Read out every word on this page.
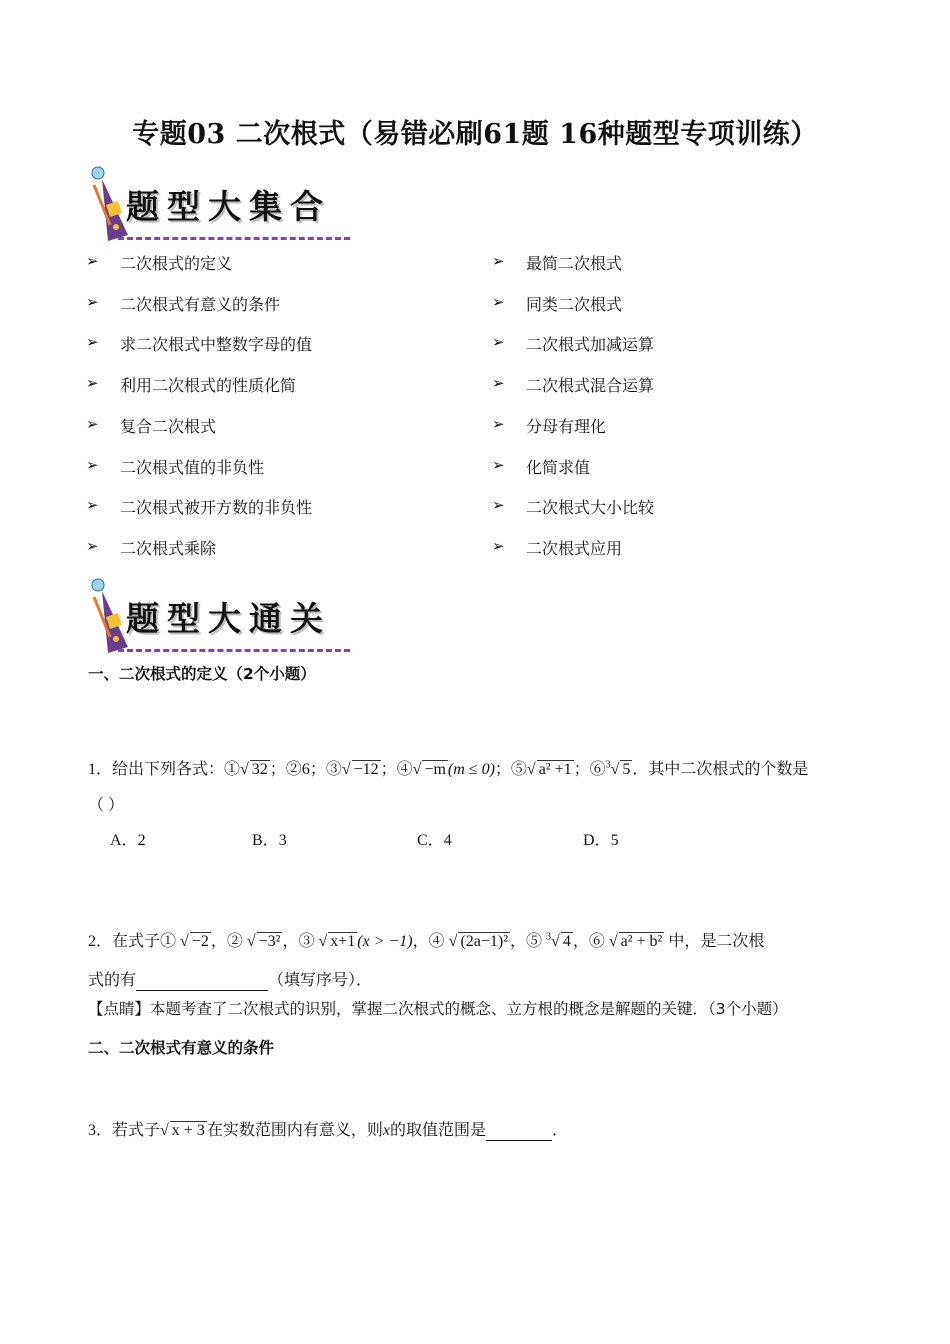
专题03 二次根式（易错必刷61题 16种题型专项训练）
题型大集合
➢ 二次根式的定义
➢ 二次根式有意义的条件
➢ 求二次根式中整数字母的值
➢ 利用二次根式的性质化简
➢ 复合二次根式
➢ 二次根式值的非负性
➢ 二次根式被开方数的非负性
➢ 二次根式乘除
➢ 最简二次根式
➢ 同类二次根式
➢ 二次根式加减运算
➢ 二次根式混合运算
➢ 分母有理化
➢ 化简求值
➢ 二次根式大小比较
➢ 二次根式应用
题型大通关
一、二次根式的定义（2个小题）
1．给出下列各式：①√ 32 ；②6；③√ −12 ；④√ −m (m ≤ 0)；⑤√ a² +1 ；⑥$^3$√ 5 ．其中二次根式的个数是
（ ）
A．2	B．3	C．4	D．5
2．在式子① √ −2 ，② √ −3² ，③ √ x+1 (x > −1)，④ √ (2a−1)² ，⑤ $^3$√ 4 ，⑥ √ a² + b² 中，是二次根
式的有	（填写序号）．
【点睛】本题考查了二次根式的识别，掌握二次根式的概念、立方根的概念是解题的关键．（3个小题）
二、二次根式有意义的条件
3．若式子√ x + 3 在实数范围内有意义，则x的取值范围是	．
